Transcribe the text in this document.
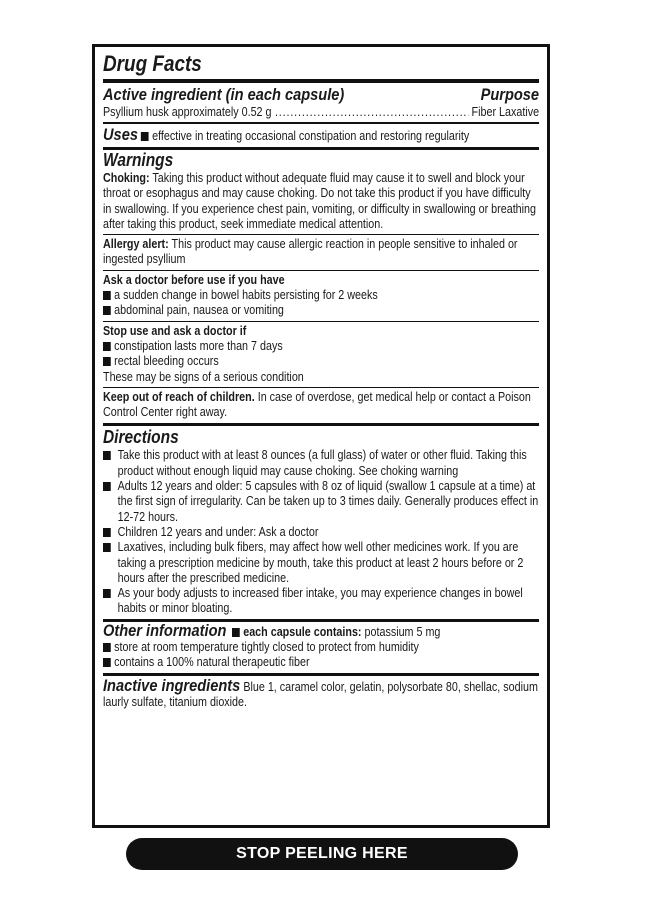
Drug Facts
Active ingredient (in each capsule)	Purpose
Psyllium husk approximately 0.52 g
.....	Fiber Laxative
Uses effective in treating occasional constipation and restoring regularity
Warnings
Choking: Taking this product without adequate fluid may cause it to swell and block your throat or esophagus and may cause choking. Do not take this product if you have difficulty in swallowing. If you experience chest pain, vomiting, or difficulty in swallowing or breathing after taking this product, seek immediate medical attention.
Allergy alert: This product may cause allergic reaction in people sensitive to inhaled or ingested psyllium
Ask a doctor before use if you have
a sudden change in bowel habits persisting for 2 weeks
abdominal pain, nausea or vomiting
Stop use and ask a doctor if
constipation lasts more than 7 days
rectal bleeding occurs
These may be signs of a serious condition
Keep out of reach of children. In case of overdose, get medical help or contact a Poison Control Center right away.
Directions
Take this product with at least 8 ounces (a full glass) of water or other fluid. Taking this product without enough liquid may cause choking. See choking warning
Adults 12 years and older: 5 capsules with 8 oz of liquid (swallow 1 capsule at a time) at the first sign of irregularity. Can be taken up to 3 times daily. Generally produces effect in 12-72 hours.
Children 12 years and under: Ask a doctor
Laxatives, including bulk fibers, may affect how well other medicines work. If you are taking a prescription medicine by mouth, take this product at least 2 hours before or 2 hours after the prescribed medicine.
As your body adjusts to increased fiber intake, you may experience changes in bowel habits or minor bloating.
Other information each capsule contains: potassium 5 mg
store at room temperature tightly closed to protect from humidity
contains a 100% natural therapeutic fiber
Inactive ingredients Blue 1, caramel color, gelatin, polysorbate 80, shellac, sodium laurly sulfate, titanium dioxide.
STOP PEELING HERE
